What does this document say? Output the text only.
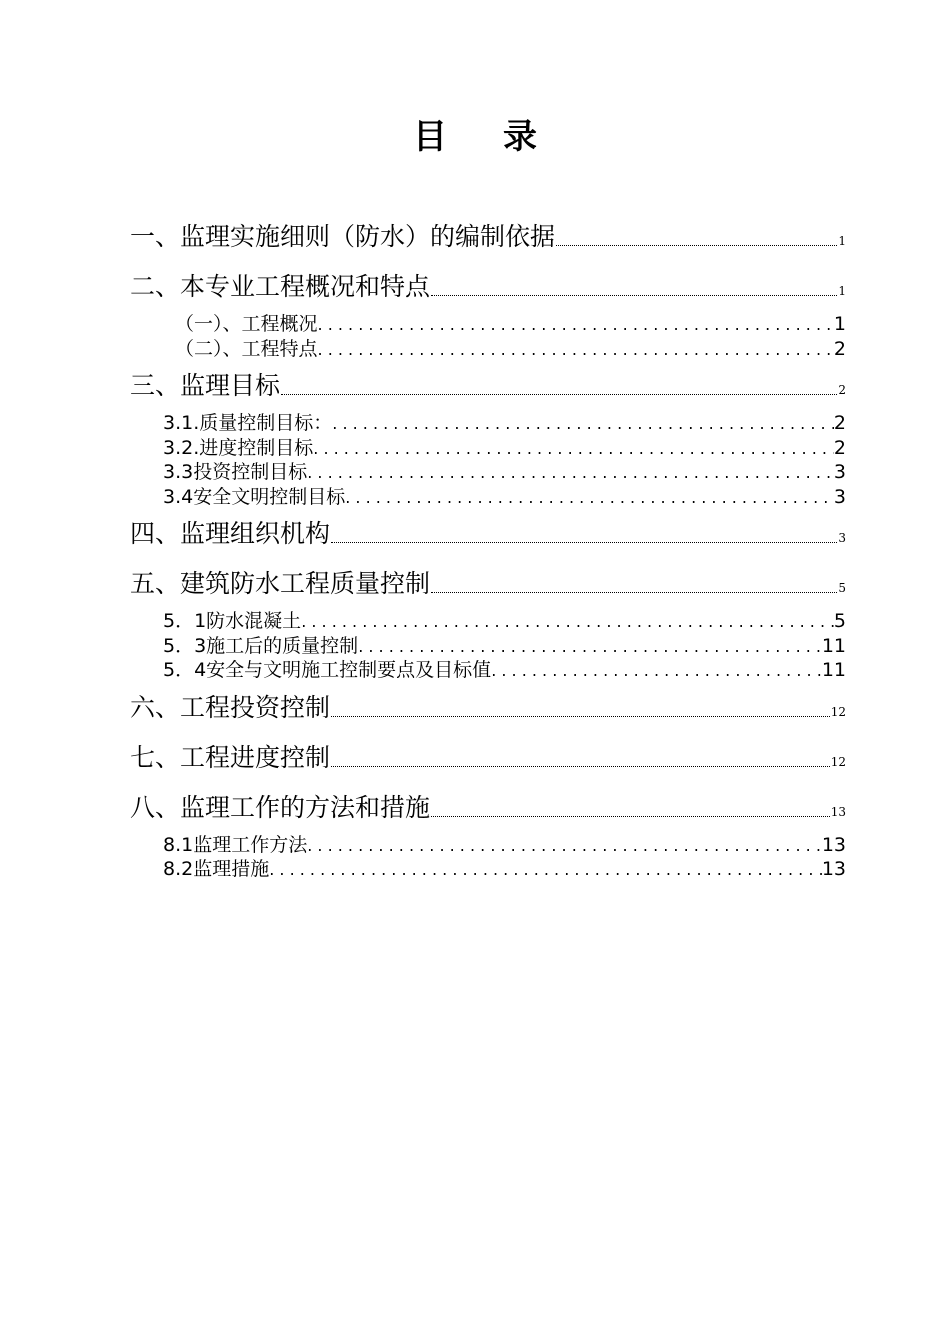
目录
一、监理实施细则（防水）的编制依据	1
二、本专业工程概况和特点	1
（一）、工程概况 . . .	1
（二）、工程特点 . . .	2
三、监理目标	2
3.1.质量控制目标： . . .	2
3.2.进度控制目标 . . .	2
3.3投资控制目标 . . .	3
3.4安全文明控制目标 . . .	3
四、监理组织机构	3
五、建筑防水工程质量控制	5
5．1防水混凝土 . . .	5
5．3施工后的质量控制 . . .	11
5．4安全与文明施工控制要点及目标值 . . .	11
六、工程投资控制	12
七、工程进度控制	12
八、监理工作的方法和措施	13
8.1监理工作方法 . . .	13
8.2监理措施 . . .	13
